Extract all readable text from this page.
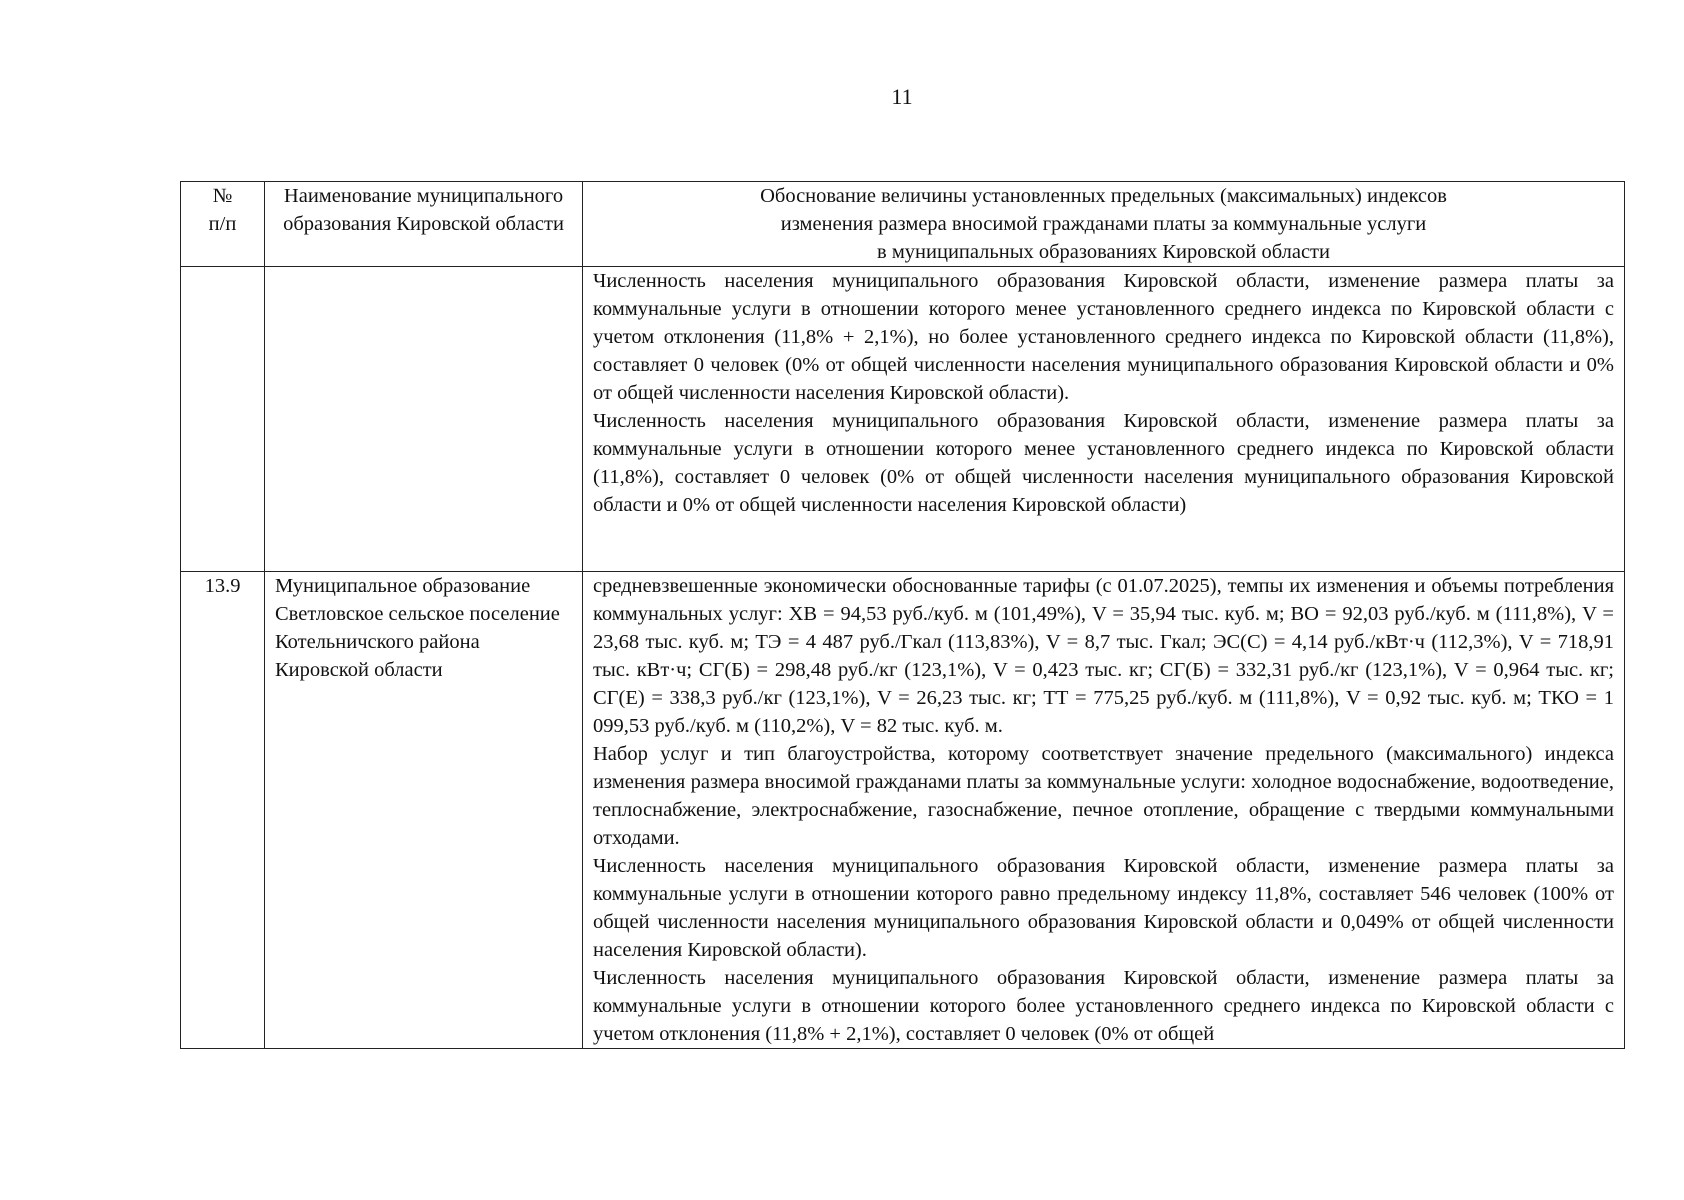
11
№
п/п	Наименование муниципального образования Кировской области	Обоснование величины установленных предельных (максимальных) индексов
изменения размера вносимой гражданами платы за коммунальные услуги
в муниципальных образованиях Кировской области

		Численность населения муниципального образования Кировской области, изменение размера платы за коммунальные услуги в отношении которого менее установленного среднего индекса по Кировской области с учетом отклонения (11,8% + 2,1%), но более установленного среднего индекса по Кировской области (11,8%), составляет 0 человек (0% от общей численности населения муниципального образования Кировской области и 0% от общей численности населения Кировской области).

Численность населения муниципального образования Кировской области, изменение размера платы за коммунальные услуги в отношении которого менее установленного среднего индекса по Кировской области (11,8%), составляет 0 человек (0% от общей численности населения муниципального образования Кировской области и 0% от общей численности населения Кировской области)

13.9	Муниципальное образование Светловское сельское поселение Котельничского района Кировской области	средневзвешенные экономически обоснованные тарифы (с 01.07.2025), темпы их изменения и объемы потребления коммунальных услуг: ХВ = 94,53 руб./куб. м (101,49%), V = 35,94 тыс. куб. м; ВО = 92,03 руб./куб. м (111,8%), V = 23,68 тыс. куб. м; ТЭ = 4 487 руб./Гкал (113,83%), V = 8,7 тыс. Гкал; ЭС(С) = 4,14 руб./кВт·ч (112,3%), V = 718,91 тыс. кВт·ч; СГ(Б) = 298,48 руб./кг (123,1%), V = 0,423 тыс. кг; СГ(Б) = 332,31 руб./кг (123,1%), V = 0,964 тыс. кг; СГ(Е) = 338,3 руб./кг (123,1%), V = 26,23 тыс. кг; ТТ = 775,25 руб./куб. м (111,8%), V = 0,92 тыс. куб. м; ТКО = 1 099,53 руб./куб. м (110,2%), V = 82 тыс. куб. м.

Набор услуг и тип благоустройства, которому соответствует значение предельного (максимального) индекса изменения размера вносимой гражданами платы за коммунальные услуги: холодное водоснабжение, водоотведение, теплоснабжение, электроснабжение, газоснабжение, печное отопление, обращение с твердыми коммунальными отходами.

Численность населения муниципального образования Кировской области, изменение размера платы за коммунальные услуги в отношении которого равно предельному индексу 11,8%, составляет 546 человек (100% от общей численности населения муниципального образования Кировской области и 0,049% от общей численности населения Кировской области).

Численность населения муниципального образования Кировской области, изменение размера платы за коммунальные услуги в отношении которого более установленного среднего индекса по Кировской области с учетом отклонения (11,8% + 2,1%), составляет 0 человек (0% от общей
